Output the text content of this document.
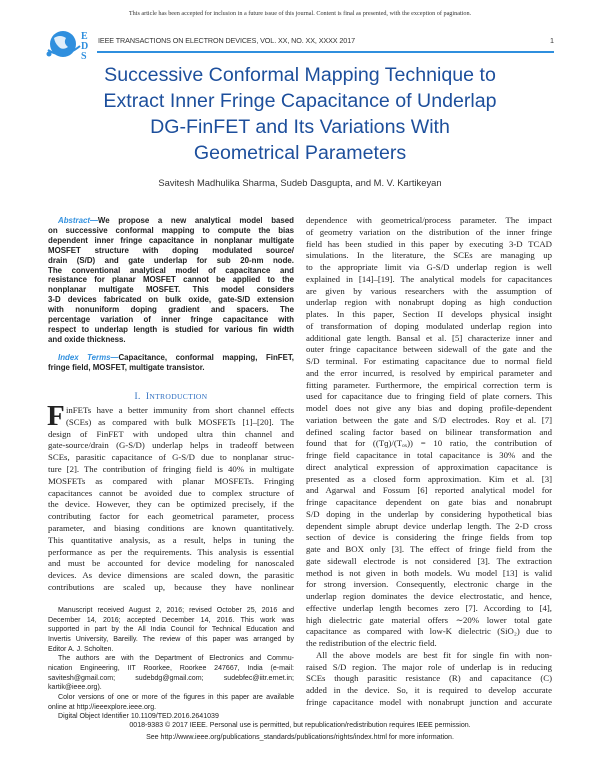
This article has been accepted for inclusion in a future issue of this journal. Content is final as presented, with the exception of pagination.
E
D
S
IEEE TRANSACTIONS ON ELECTRON DEVICES, VOL. XX, NO. XX, XXXX 2017	1
Successive Conformal Mapping Technique to
Extract Inner Fringe Capacitance of Underlap
DG-FinFET and Its Variations With
Geometrical Parameters
Savitesh Madhulika Sharma, Sudeb Dasgupta, and M. V. Kartikeyan
Abstract—We propose a new analytical model based
on successive conformal mapping to compute the bias
dependent inner fringe capacitance in nonplanar multigate
MOSFET structure with doping modulated source/
drain (S/D) and gate underlap for sub 20-nm node.
The conventional analytical model of capacitance and
resistance for planar MOSFET cannot be applied to the
nonplanar multigate MOSFET. This model considers
3-D devices fabricated on bulk oxide, gate-S/D extension
with nonuniform doping gradient and spacers. The
percentage variation of inner fringe capacitance with
respect to underlap length is studied for various fin width
and oxide thickness.
Index Terms—Capacitance, conformal mapping, FinFET,
fringe field, MOSFET, multigate transistor.
I. INTRODUCTION
F inFETs have a better immunity from short channel effects
(SCEs) as compared with bulk MOSFETs [1]–[20]. The
design of FinFET with undoped ultra thin channel and
gate-source/drain (G-S/D) underlap helps in tradeoff between
SCEs, parasitic capacitance of G-S/D due to nonplanar struc-
ture [2]. The contribution of fringing field is 40% in multigate
MOSFETs as compared with planar MOSFETs. Fringing
capacitances cannot be avoided due to complex structure of
the device. However, they can be optimized precisely, if the
contributing factor for each geometrical parameter, process
parameter, and biasing conditions are known quantitatively.
This quantitative analysis, as a result, helps in tuning the
performance as per the requirements. This analysis is essential
and must be accounted for device modeling for nanoscaled
devices. As device dimensions are scaled down, the parasitic
contributions are scaled up, because they have nonlinear
Manuscript received August 2, 2016; revised October 25, 2016 and
December 14, 2016; accepted December 14, 2016. This work was
supported in part by the All India Council for Technical Education and
Invertis University, Bareilly. The review of this paper was arranged by
Editor A. J. Scholten.
The authors are with the Department of Electronics and Commu-
nication Engineering, IIT Roorkee, Roorkee 247667, India (e-mail:
savitesh@gmail.com; sudebdg@gmail.com; sudebfec@iitr.ernet.in;
kartik@ieee.org).
Color versions of one or more of the figures in this paper are available
online at http://ieeexplore.ieee.org.
Digital Object Identifier 10.1109/TED.2016.2641039
dependence with geometrical/process parameter. The impact
of geometry variation on the distribution of the inner fringe
field has been studied in this paper by executing 3-D TCAD
simulations. In the literature, the SCEs are managing up
to the appropriate limit via G-S/D underlap region is well
explained in [14]–[19]. The analytical models for capacitances
are given by various researchers with the assumption of
underlap region with nonabrupt doping as high conduction
plates. In this paper, Section II develops physical insight
of transformation of doping modulated underlap region into
additional gate length. Bansal et al. [5] characterize inner and
outer fringe capacitance between sidewall of the gate and the
S/D terminal. For estimating capacitance due to normal field
and the error incurred, is resolved by empirical parameter and
fitting parameter. Furthermore, the empirical correction term is
used for capacitance due to fringing field of plate corners. This
model does not give any bias and doping profile-dependent
variation between the gate and S/D electrodes. Roy et al. [7]
defined scaling factor based on bilinear transformation and
found that for ((Tɡ)/(Tₒₓ)) = 10 ratio, the contribution of
fringe field capacitance in total capacitance is 30% and the
direct analytical expression of approximation capacitance is
presented as a closed form approximation. Kim et al. [3]
and Agarwal and Fossum [6] reported analytical model for
fringe capacitance dependent on gate bias and nonabrupt
S/D doping in the underlap by considering hypothetical bias
dependent simple abrupt device underlap length. The 2-D cross
section of device is considering the fringe fields from top
gate and BOX only [3]. The effect of fringe field from the
gate sidewall electrode is not considered [3]. The extraction
method is not given in both models. Wu model [13] is valid
for strong inversion. Consequently, electronic charge in the
underlap region dominates the device electrostatic, and hence,
effective underlap length becomes zero [7]. According to [4],
high dielectric gate material offers ∼20% lower total gate
capacitance as compared with low-K dielectric (SiO₂) due to
the redistribution of the electric field.
All the above models are best fit for single fin with non-
raised S/D region. The major role of underlap is in reducing
SCEs though parasitic resistance (R) and capacitance (C)
added in the device. So, it is required to develop accurate
fringe capacitance model with nonabrupt junction and accurate
0018-9383 © 2017 IEEE. Personal use is permitted, but republication/redistribution requires IEEE permission.
See http://www.ieee.org/publications_standards/publications/rights/index.html for more information.
